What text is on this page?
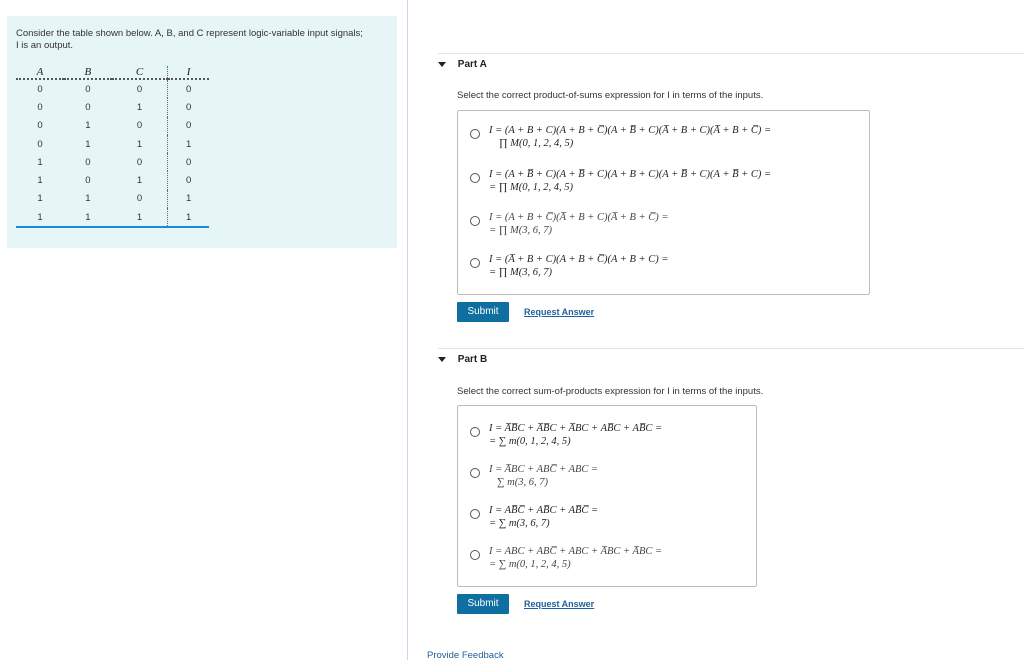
Consider the table shown below. A, B, and C represent logic-variable input signals;
I is an output.
A	B	C	I
0	0	0	0
0	0	1	0
0	1	0	0
0	1	1	1
1	0	0	0
1	0	1	0
1	1	0	1
1	1	1	1
Part A
Select the correct product-of-sums expression for I in terms of the inputs.
I = (A + B + C)(A + B + C̅)(A + B̅ + C)(A̅ + B + C)(A̅ + B + C̅) =
∏ M(0, 1, 2, 4, 5)
I = (A + B̅ + C)(A + B̅ + C)(A + B + C)(A + B̅ + C)(A + B̅ + C) =
= ∏ M(0, 1, 2, 4, 5)
I = (A + B + C̅)(A̅ + B + C)(A̅ + B + C̅) =
= ∏ M(3, 6, 7)
I = (A̅ + B + C)(A + B + C̅)(A + B + C) =
= ∏ M(3, 6, 7)
Submit	Request Answer
Part B
Select the correct sum-of-products expression for I in terms of the inputs.
I = A̅B̅C + A̅B̅C + A̅BC + AB̅C + AB̅C =
= ∑ m(0, 1, 2, 4, 5)
I = A̅BC + ABC̅ + ABC =
∑ m(3, 6, 7)
I = AB̅C̅ + AB̅C + AB̅C̅ =
= ∑ m(3, 6, 7)
I = ABC + ABC̅ + ABC + A̅BC + A̅BC =
= ∑ m(0, 1, 2, 4, 5)
Submit	Request Answer
Provide Feedback
